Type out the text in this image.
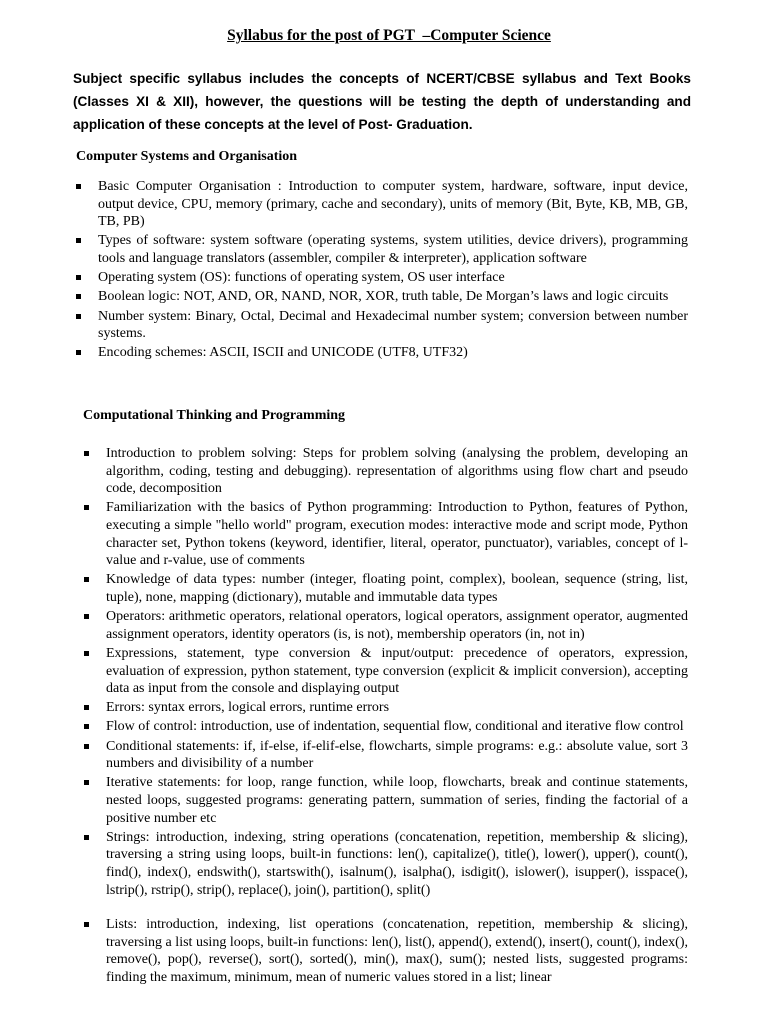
Syllabus for the post of PGT  –Computer Science
Subject specific syllabus includes the concepts of NCERT/CBSE syllabus and Text Books (Classes XI & XII), however, the questions will be testing the depth of understanding and application of these concepts at the level of Post- Graduation.
Computer Systems and Organisation
Basic Computer Organisation : Introduction to computer system, hardware, software, input device, output device, CPU, memory (primary, cache and secondary), units of memory (Bit, Byte, KB, MB, GB, TB, PB)
Types of software: system software (operating systems, system utilities, device drivers), programming tools and language translators (assembler, compiler & interpreter), application software
Operating system (OS): functions of operating system, OS user interface
Boolean logic: NOT, AND, OR, NAND, NOR, XOR, truth table, De Morgan’s laws and logic circuits
Number system: Binary, Octal, Decimal and Hexadecimal number system; conversion between number systems.
Encoding schemes: ASCII, ISCII and UNICODE (UTF8, UTF32)
Computational Thinking and Programming
Introduction to problem solving: Steps for problem solving (analysing the problem, developing an algorithm, coding, testing and debugging). representation of algorithms using flow chart and pseudo code, decomposition
Familiarization with the basics of Python programming: Introduction to Python, features of Python, executing a simple "hello world" program, execution modes: interactive mode and script mode, Python character set, Python tokens (keyword, identifier, literal, operator, punctuator), variables, concept of l-value and r-value, use of comments
Knowledge of data types: number (integer, floating point, complex), boolean, sequence (string, list, tuple), none, mapping (dictionary), mutable and immutable data types
Operators: arithmetic operators, relational operators, logical operators, assignment operator, augmented assignment operators, identity operators (is, is not), membership operators (in, not in)
Expressions, statement, type conversion & input/output: precedence of operators, expression, evaluation of expression, python statement, type conversion (explicit & implicit conversion), accepting data as input from the console and displaying output
Errors: syntax errors, logical errors, runtime errors
Flow of control: introduction, use of indentation, sequential flow, conditional and iterative flow control
Conditional statements: if, if-else, if-elif-else, flowcharts, simple programs: e.g.: absolute value, sort 3 numbers and divisibility of a number
Iterative statements: for loop, range function, while loop, flowcharts, break and continue statements, nested loops, suggested programs: generating pattern, summation of series, finding the factorial of a positive number etc
Strings: introduction, indexing, string operations (concatenation, repetition, membership & slicing), traversing a string using loops, built-in functions: len(), capitalize(), title(), lower(), upper(), count(), find(), index(), endswith(), startswith(), isalnum(), isalpha(), isdigit(), islower(), isupper(), isspace(), lstrip(), rstrip(), strip(), replace(), join(), partition(), split()
Lists: introduction, indexing, list operations (concatenation, repetition, membership & slicing), traversing a list using loops, built-in functions: len(), list(), append(), extend(), insert(), count(), index(), remove(), pop(), reverse(), sort(), sorted(), min(), max(), sum(); nested lists, suggested programs: finding the maximum, minimum, mean of numeric values stored in a list; linear
